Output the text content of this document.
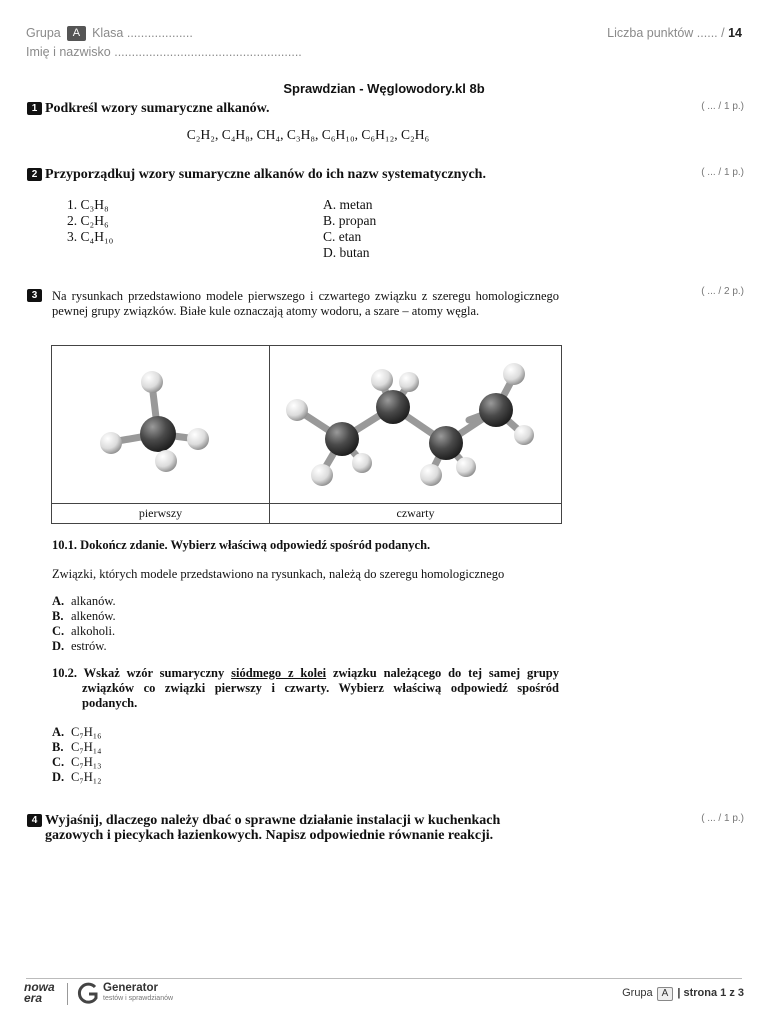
Grupa A Klasa ...................
Imię i nazwisko ......................................................
Liczba punktów ...... / 14
Sprawdzian - Węglowodory.kl 8b
1 Podkreśl wzory sumaryczne alkanów.	( ... / 1 p.)
C₂H₂, C₄H₈, CH₄, C₃H₈, C₆H₁₀, C₆H₁₂, C₂H₆
2 Przyporządkuj wzory sumaryczne alkanów do ich nazw systematycznych.	( ... / 1 p.)
1. C₃H₈
2. C₂H₆
3. C₄H₁₀
A. metan
B. propan
C. etan
D. butan
3	( ... / 2 p.)
Na rysunkach przedstawiono modele pierwszego i czwartego związku z szeregu homologicznego pewnej grupy związków. Białe kule oznaczają atomy wodoru, a szare – atomy węgla.
pierwszy	czwarty
10.1. Dokończ zdanie. Wybierz właściwą odpowiedź spośród podanych.
Związki, których modele przedstawiono na rysunkach, należą do szeregu homologicznego
A. alkanów.
B. alkenów.
C. alkoholi.
D. estrów.
10.2. Wskaż wzór sumaryczny siódmego z kolei związku należącego do tej samej grupy związków co związki pierwszy i czwarty. Wybierz właściwą odpowiedź spośród podanych.
A. C₇H₁₆
B. C₇H₁₄
C. C₇H₁₃
D. C₇H₁₂
4 Wyjaśnij, dlaczego należy dbać o sprawne działanie instalacji w kuchenkach
gazowych i piecykach łazienkowych. Napisz odpowiednie równanie reakcji.
( ... / 1 p.)
nowa
era
Generator
testów i sprawdzianów	Grupa A | strona 1 z 3
